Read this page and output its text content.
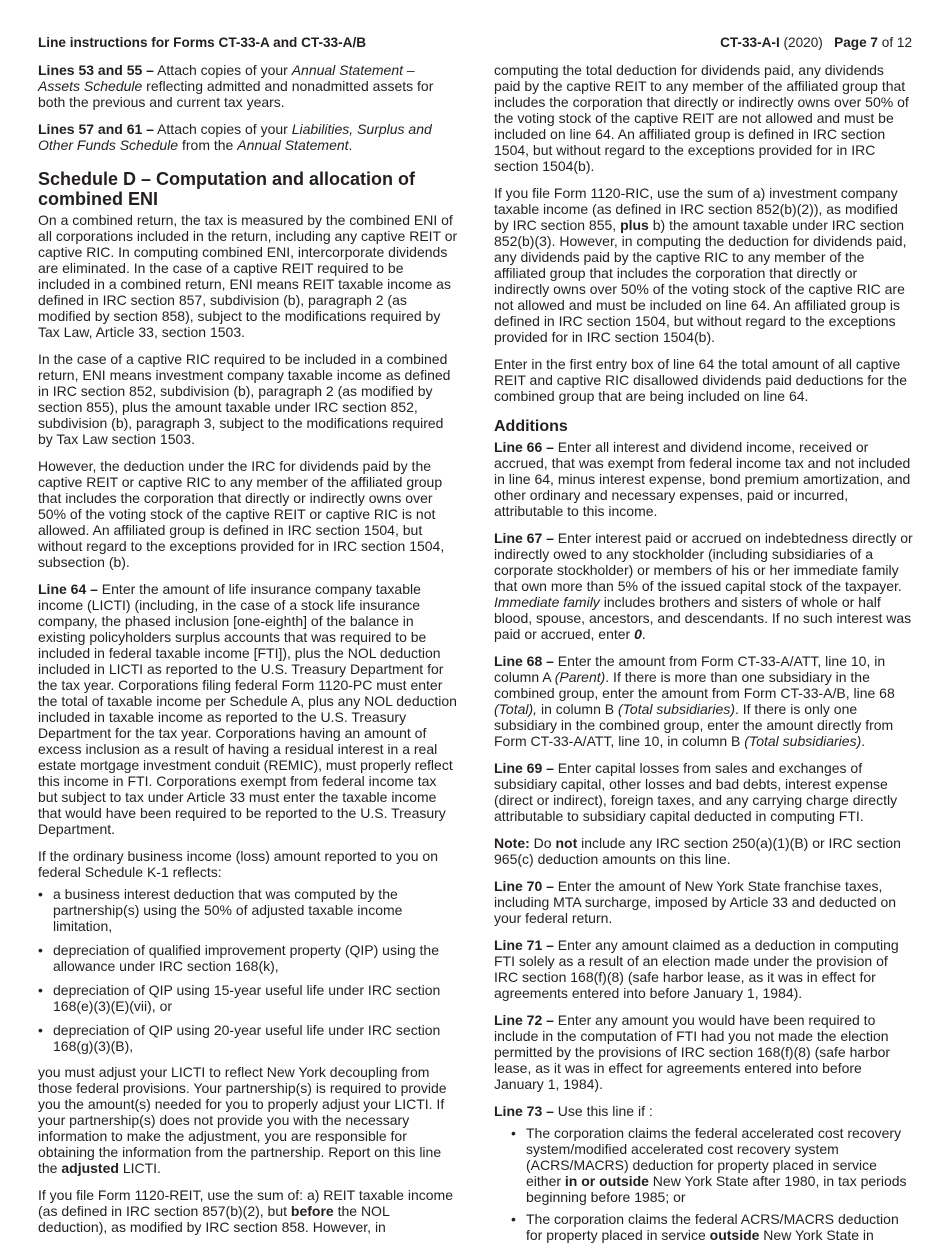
Line instructions for Forms CT-33-A and CT-33-A/B	CT-33-A-I (2020) Page 7 of 12

Lines 53 and 55 – Attach copies of your Annual Statement – Assets Schedule reflecting admitted and nonadmitted assets for both the previous and current tax years.

Lines 57 and 61 – Attach copies of your Liabilities, Surplus and Other Funds Schedule from the Annual Statement.

Schedule D – Computation and allocation of combined ENI

On a combined return, the tax is measured by the combined ENI of all corporations included in the return, including any captive REIT or captive RIC. In computing combined ENI, intercorporate dividends are eliminated. In the case of a captive REIT required to be included in a combined return, ENI means REIT taxable income as defined in IRC section 857, subdivision (b), paragraph 2 (as modified by section 858), subject to the modifications required by Tax Law, Article 33, section 1503.

In the case of a captive RIC required to be included in a combined return, ENI means investment company taxable income as defined in IRC section 852, subdivision (b), paragraph 2 (as modified by section 855), plus the amount taxable under IRC section 852, subdivision (b), paragraph 3, subject to the modifications required by Tax Law section 1503.

However, the deduction under the IRC for dividends paid by the captive REIT or captive RIC to any member of the affiliated group that includes the corporation that directly or indirectly owns over 50% of the voting stock of the captive REIT or captive RIC is not allowed. An affiliated group is defined in IRC section 1504, but without regard to the exceptions provided for in IRC section 1504, subsection (b).

Line 64 – Enter the amount of life insurance company taxable income (LICTI) (including, in the case of a stock life insurance company, the phased inclusion [one-eighth] of the balance in existing policyholders surplus accounts that was required to be included in federal taxable income [FTI]), plus the NOL deduction included in LICTI as reported to the U.S. Treasury Department for the tax year. Corporations filing federal Form 1120-PC must enter the total of taxable income per Schedule A, plus any NOL deduction included in taxable income as reported to the U.S. Treasury Department for the tax year. Corporations having an amount of excess inclusion as a result of having a residual interest in a real estate mortgage investment conduit (REMIC), must properly reflect this income in FTI. Corporations exempt from federal income tax but subject to tax under Article 33 must enter the taxable income that would have been required to be reported to the U.S. Treasury Department.

If the ordinary business income (loss) amount reported to you on federal Schedule K-1 reflects:

• a business interest deduction that was computed by the partnership(s) using the 50% of adjusted taxable income limitation,
• depreciation of qualified improvement property (QIP) using the allowance under IRC section 168(k),
• depreciation of QIP using 15-year useful life under IRC section 168(e)(3)(E)(vii), or
• depreciation of QIP using 20-year useful life under IRC section 168(g)(3)(B),

you must adjust your LICTI to reflect New York decoupling from those federal provisions. Your partnership(s) is required to provide you the amount(s) needed for you to properly adjust your LICTI. If your partnership(s) does not provide you with the necessary information to make the adjustment, you are responsible for obtaining the information from the partnership. Report on this line the adjusted LICTI.

If you file Form 1120-REIT, use the sum of: a) REIT taxable income (as defined in IRC section 857(b)(2), but before the NOL deduction), as modified by IRC section 858. However, in

computing the total deduction for dividends paid, any dividends paid by the captive REIT to any member of the affiliated group that includes the corporation that directly or indirectly owns over 50% of the voting stock of the captive REIT are not allowed and must be included on line 64. An affiliated group is defined in IRC section 1504, but without regard to the exceptions provided for in IRC section 1504(b).

If you file Form 1120-RIC, use the sum of a) investment company taxable income (as defined in IRC section 852(b)(2)), as modified by IRC section 855, plus b) the amount taxable under IRC section 852(b)(3). However, in computing the deduction for dividends paid, any dividends paid by the captive RIC to any member of the affiliated group that includes the corporation that directly or indirectly owns over 50% of the voting stock of the captive RIC are not allowed and must be included on line 64. An affiliated group is defined in IRC section 1504, but without regard to the exceptions provided for in IRC section 1504(b).

Enter in the first entry box of line 64 the total amount of all captive REIT and captive RIC disallowed dividends paid deductions for the combined group that are being included on line 64.

Additions

Line 66 – Enter all interest and dividend income, received or accrued, that was exempt from federal income tax and not included in line 64, minus interest expense, bond premium amortization, and other ordinary and necessary expenses, paid or incurred, attributable to this income.

Line 67 – Enter interest paid or accrued on indebtedness directly or indirectly owed to any stockholder (including subsidiaries of a corporate stockholder) or members of his or her immediate family that own more than 5% of the issued capital stock of the taxpayer. Immediate family includes brothers and sisters of whole or half blood, spouse, ancestors, and descendants. If no such interest was paid or accrued, enter 0.

Line 68 – Enter the amount from Form CT-33-A/ATT, line 10, in column A (Parent). If there is more than one subsidiary in the combined group, enter the amount from Form CT-33-A/B, line 68 (Total), in column B (Total subsidiaries). If there is only one subsidiary in the combined group, enter the amount directly from Form CT-33-A/ATT, line 10, in column B (Total subsidiaries).

Line 69 – Enter capital losses from sales and exchanges of subsidiary capital, other losses and bad debts, interest expense (direct or indirect), foreign taxes, and any carrying charge directly attributable to subsidiary capital deducted in computing FTI.

Note: Do not include any IRC section 250(a)(1)(B) or IRC section 965(c) deduction amounts on this line.

Line 70 – Enter the amount of New York State franchise taxes, including MTA surcharge, imposed by Article 33 and deducted on your federal return.

Line 71 – Enter any amount claimed as a deduction in computing FTI solely as a result of an election made under the provision of IRC section 168(f)(8) (safe harbor lease, as it was in effect for agreements entered into before January 1, 1984).

Line 72 – Enter any amount you would have been required to include in the computation of FTI had you not made the election permitted by the provisions of IRC section 168(f)(8) (safe harbor lease, as it was in effect for agreements entered into before January 1, 1984).

Line 73 – Use this line if :

• The corporation claims the federal accelerated cost recovery system/modified accelerated cost recovery system (ACRS/MACRS) deduction for property placed in service either in or outside New York State after 1980, in tax periods beginning before 1985; or
• The corporation claims the federal ACRS/MACRS deduction for property placed in service outside New York State in
